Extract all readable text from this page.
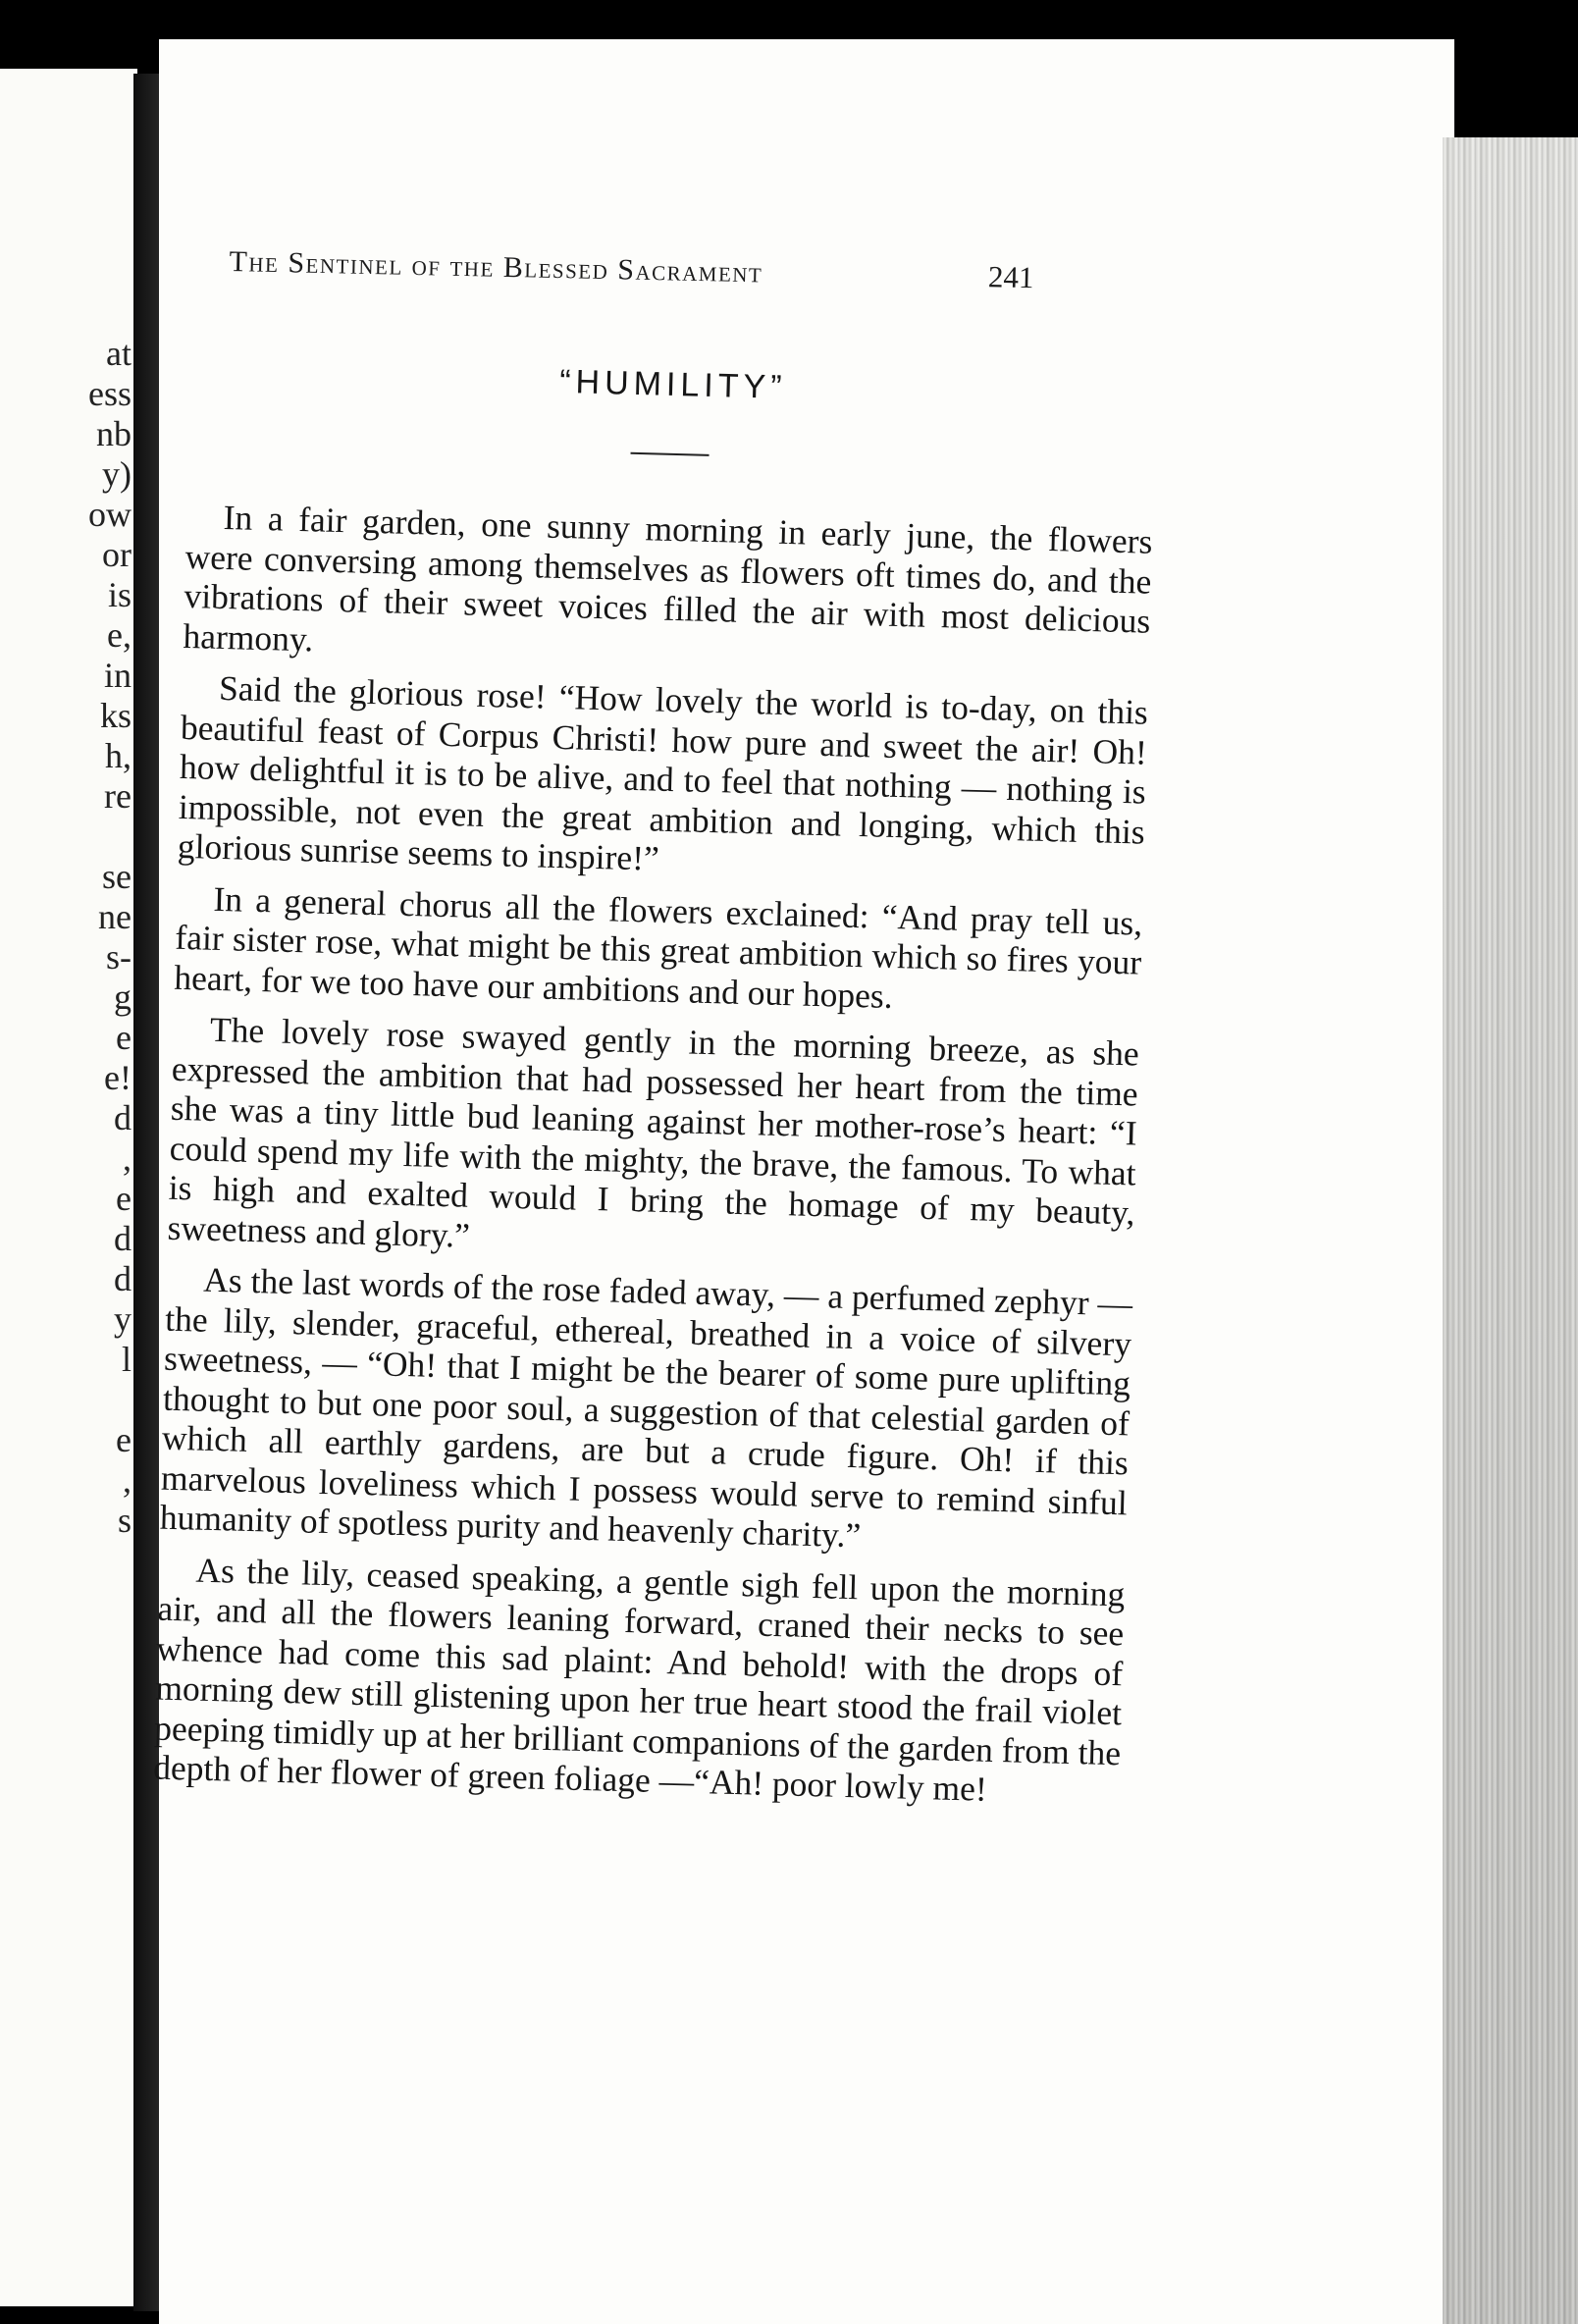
at
ess
nb
y)
ow
or
is
e,
in
ks
h,
re
se
ne
s-
g
e
e!
d
,
e
d
d
y
l
e
,
s
The Sentinel of the Blessed Sacrament	241
“HUMILITY”

In a fair garden, one sunny morning in early june, the flowers were conversing among themselves as flowers oft times do, and the vibrations of their sweet voices filled the air with most delicious harmony.

Said the glorious rose! “How lovely the world is to-day, on this beautiful feast of Corpus Christi! how pure and sweet the air! Oh! how delightful it is to be alive, and to feel that nothing — nothing is impossible, not even the great ambition and longing, which this glorious sunrise seems to inspire!”

In a general chorus all the flowers exclained: “And pray tell us, fair sister rose, what might be this great ambition which so fires your heart, for we too have our ambitions and our hopes.

The lovely rose swayed gently in the morning breeze, as she expressed the ambition that had possessed her heart from the time she was a tiny little bud leaning against her mother-rose’s heart: “I could spend my life with the mighty, the brave, the famous. To what is high and exalted would I bring the homage of my beauty, sweetness and glory.”

As the last words of the rose faded away, — a perfumed zephyr — the lily, slender, graceful, ethereal, breathed in a voice of silvery sweetness, — “Oh! that I might be the bearer of some pure uplifting thought to but one poor soul, a suggestion of that celestial garden of which all earthly gardens, are but a crude figure. Oh! if this marvelous loveliness which I possess would serve to remind sinful humanity of spotless purity and heavenly charity.”

As the lily, ceased speaking, a gentle sigh fell upon the morning air, and all the flowers leaning forward, craned their necks to see whence had come this sad plaint: And behold! with the drops of morning dew still glistening upon her true heart stood the frail violet peeping timidly up at her brilliant companions of the garden from the depth of her flower of green foliage —“Ah! poor lowly me!
